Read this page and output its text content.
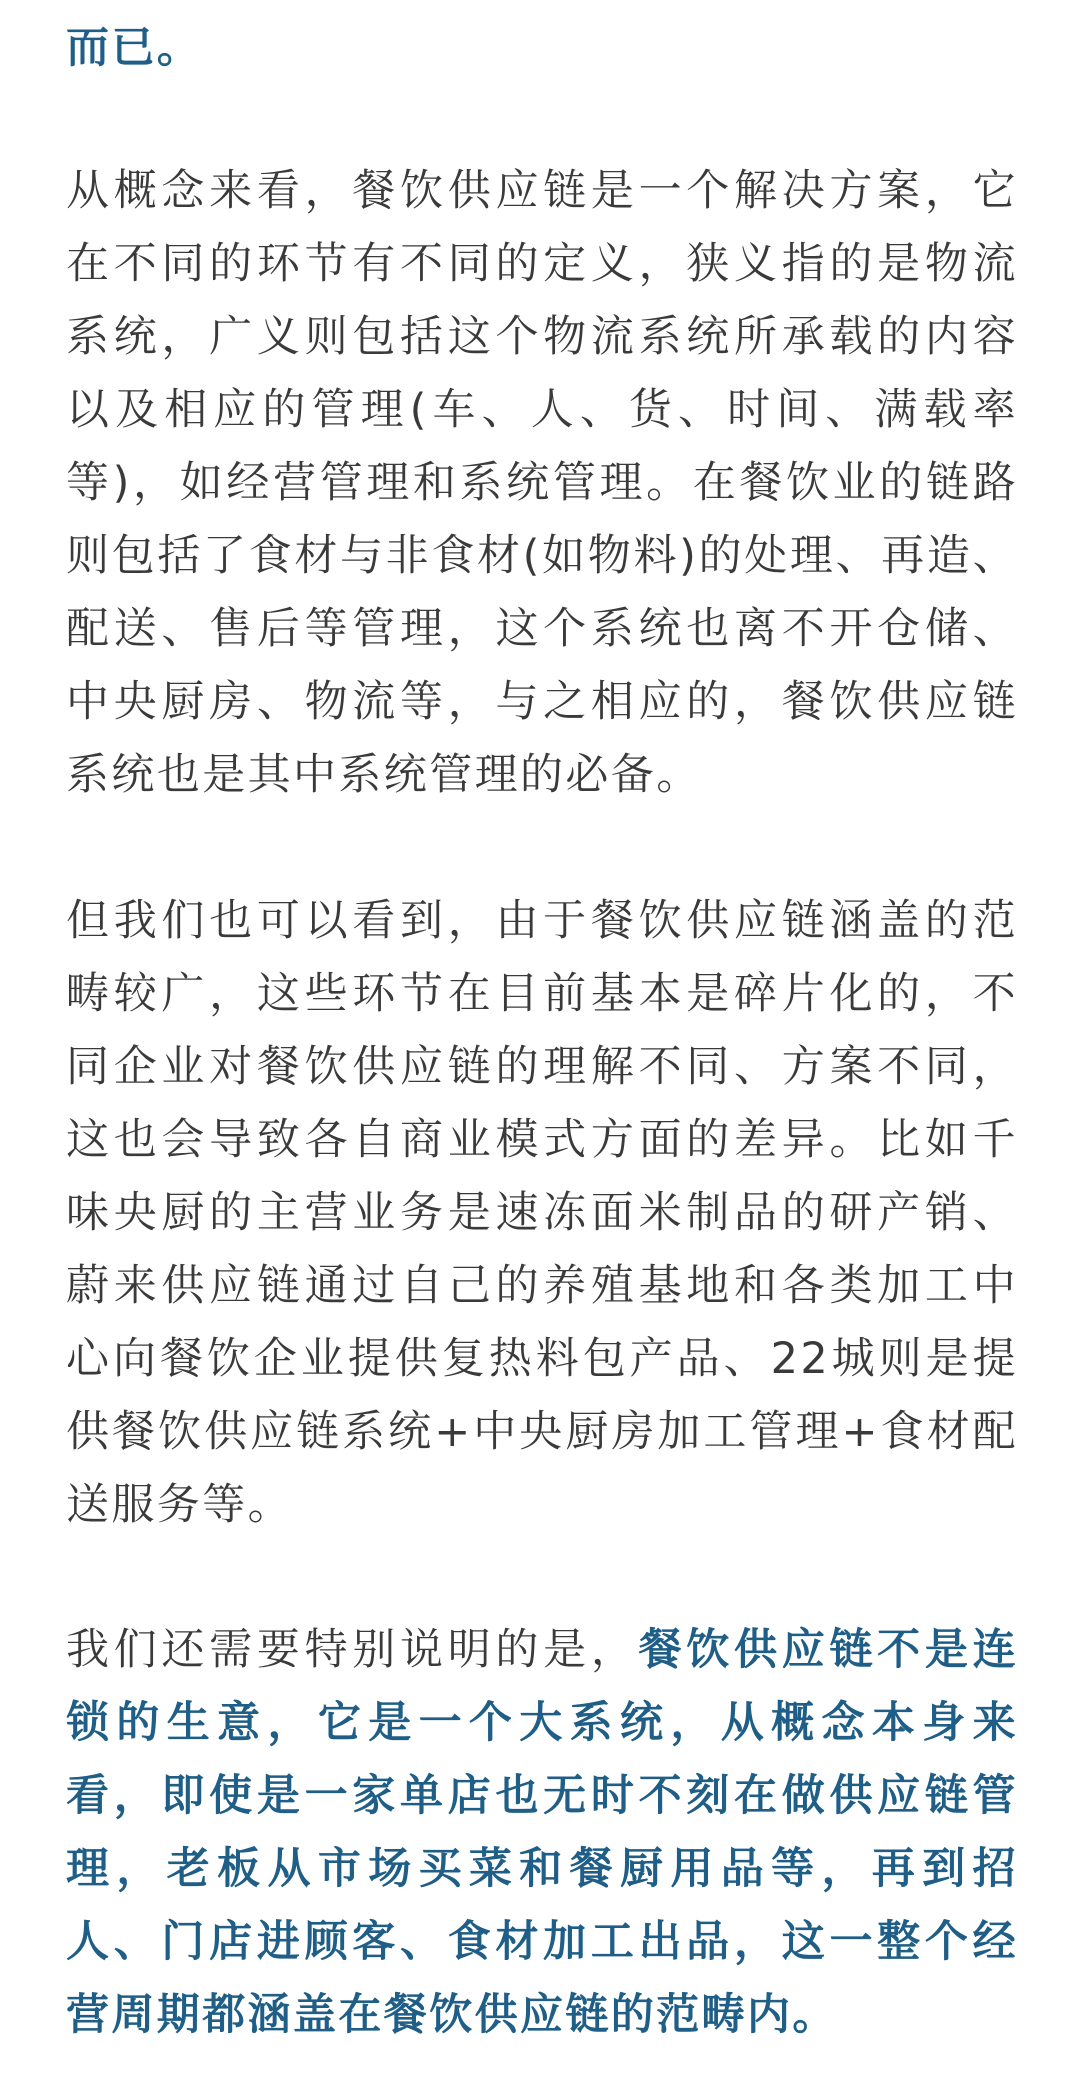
而已。

从概念来看，餐饮供应链是一个解决方案，它在不同的环节有不同的定义，狭义指的是物流系统，广义则包括这个物流系统所承载的内容以及相应的管理(车、人、货、时间、满载率等)，如经营管理和系统管理。在餐饮业的链路则包括了食材与非食材(如物料)的处理、再造、配送、售后等管理，这个系统也离不开仓储、中央厨房、物流等，与之相应的，餐饮供应链系统也是其中系统管理的必备。

但我们也可以看到，由于餐饮供应链涵盖的范畴较广，这些环节在目前基本是碎片化的，不同企业对餐饮供应链的理解不同、方案不同，这也会导致各自商业模式方面的差异。比如千味央厨的主营业务是速冻面米制品的研产销、蔚来供应链通过自己的养殖基地和各类加工中心向餐饮企业提供复热料包产品、22城则是提供餐饮供应链系统+中央厨房加工管理+食材配送服务等。

我们还需要特别说明的是，餐饮供应链不是连锁的生意，它是一个大系统，从概念本身来看，即使是一家单店也无时不刻在做供应链管理，老板从市场买菜和餐厨用品等，再到招人、门店进顾客、食材加工出品，这一整个经营周期都涵盖在餐饮供应链的范畴内。
